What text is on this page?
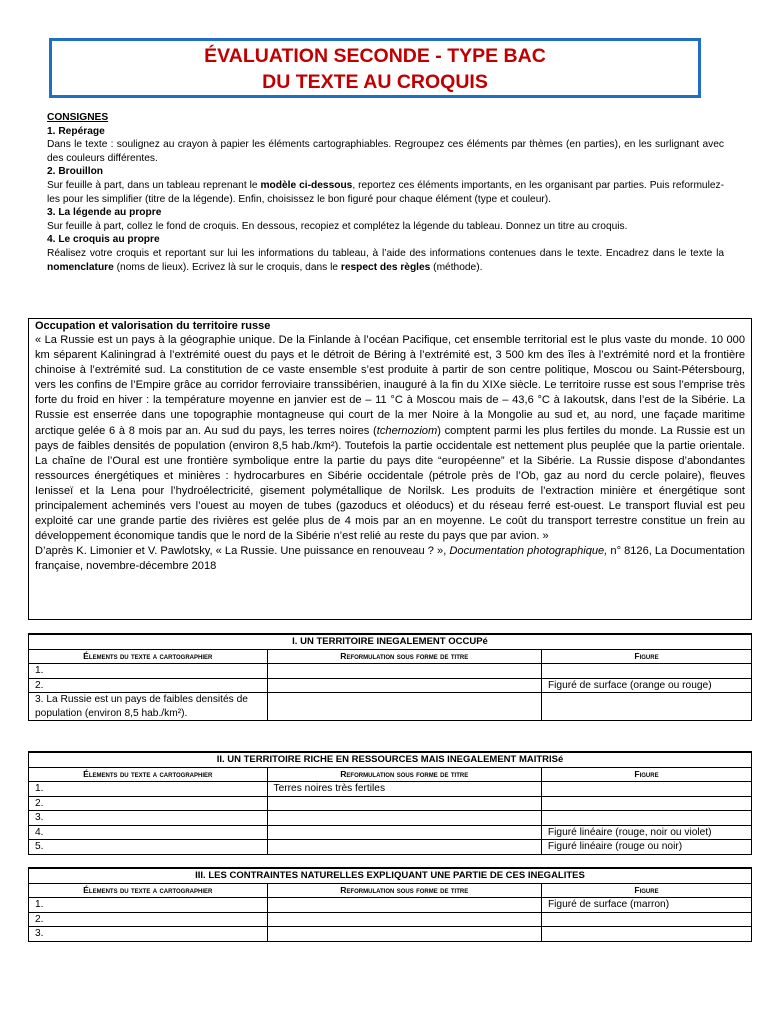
ÉVALUATION SECONDE - TYPE BAC
DU TEXTE AU CROQUIS
CONSIGNES
1. Repérage

Dans le texte : soulignez au crayon à papier les éléments cartographiables. Regroupez ces éléments par thèmes (en parties), en les surlignant avec des couleurs différentes.

2. Brouillon

Sur feuille à part, dans un tableau reprenant le modèle ci-dessous, reportez ces éléments importants, en les organisant par parties. Puis reformulez-les pour les simplifier (titre de la légende). Enfin, choisissez le bon figuré pour chaque élément (type et couleur).

3. La légende au propre

Sur feuille à part, collez le fond de croquis. En dessous, recopiez et complétez la légende du tableau. Donnez un titre au croquis.

4. Le croquis au propre

Réalisez votre croquis et reportant sur lui les informations du tableau, à l’aide des informations contenues dans le texte. Encadrez dans le texte la nomenclature (noms de lieux). Ecrivez là sur le croquis, dans le respect des règles (méthode).

Occupation et valorisation du territoire russe
« La Russie est un pays à la géographie unique. De la Finlande à l’océan Pacifique, cet ensemble territorial est le plus vaste du monde. 10 000 km séparent Kaliningrad à l’extrémité ouest du pays et le détroit de Béring à l’extrémité est, 3 500 km des îles à l’extrémité nord et la frontière chinoise à l’extrémité sud. La constitution de ce vaste ensemble s’est produite à partir de son centre politique, Moscou ou Saint-Pétersbourg, vers les confins de l’Empire grâce au corridor ferroviaire transsibérien, inauguré à la fin du XIXe siècle. Le territoire russe est sous l’emprise très forte du froid en hiver : la température moyenne en janvier est de – 11 °C à Moscou mais de – 43,6 °C à Iakoutsk, dans l’est de la Sibérie. La Russie est enserrée dans une topographie montagneuse qui court de la mer Noire à la Mongolie au sud et, au nord, une façade maritime arctique gelée 6 à 8 mois par an. Au sud du pays, les terres noires (tchernoziom) comptent parmi les plus fertiles du monde. La Russie est un pays de faibles densités de population (environ 8,5 hab./km²). Toutefois la partie occidentale est nettement plus peuplée que la partie orientale. La chaîne de l’Oural est une frontière symbolique entre la partie du pays dite “européenne” et la Sibérie. La Russie dispose d’abondantes ressources énergétiques et minières : hydrocarbures en Sibérie occidentale (pétrole près de l’Ob, gaz au nord du cercle polaire), fleuves Ienisseï et la Lena pour l’hydroélectricité, gisement polymétallique de Norilsk. Les produits de l’extraction minière et énergétique sont principalement acheminés vers l’ouest au moyen de tubes (gazoducs et oléoducs) et du réseau ferré est-ouest. Le transport fluvial est peu exploité car une grande partie des rivières est gelée plus de 4 mois par an en moyenne. Le coût du transport terrestre constitue un frein au développement économique tandis que le nord de la Sibérie n’est relié au reste du pays que par avion. »
D’après K. Limonier et V. Pawlotsky, « La Russie. Une puissance en renouveau ? », Documentation photographique, n° 8126, La Documentation française, novembre-décembre 2018
I. UN TERRITOIRE INEGALEMENT OCCUPé		
Élements du texte a cartographier	Reformulation sous forme de titre	Figure
1.		
2.		Figuré de surface (orange ou rouge)
3. La Russie est un pays de faibles densités de population (environ 8,5 hab./km²).		
II. UN TERRITOIRE RICHE EN RESSOURCES MAIS INEGALEMENT MAITRISé		
Élements du texte a cartographier	Reformulation sous forme de titre	Figure
1.	Terres noires très fertiles	
2.		
3.		
4.		Figuré linéaire (rouge, noir ou violet)
5.		Figuré linéaire (rouge ou noir)
III. LES CONTRAINTES NATURELLES EXPLIQUANT UNE PARTIE DE CES INEGALITES		
Élements du texte a cartographier	Reformulation sous forme de titre	Figure
1.		Figuré de surface (marron)
2.		
3.		
